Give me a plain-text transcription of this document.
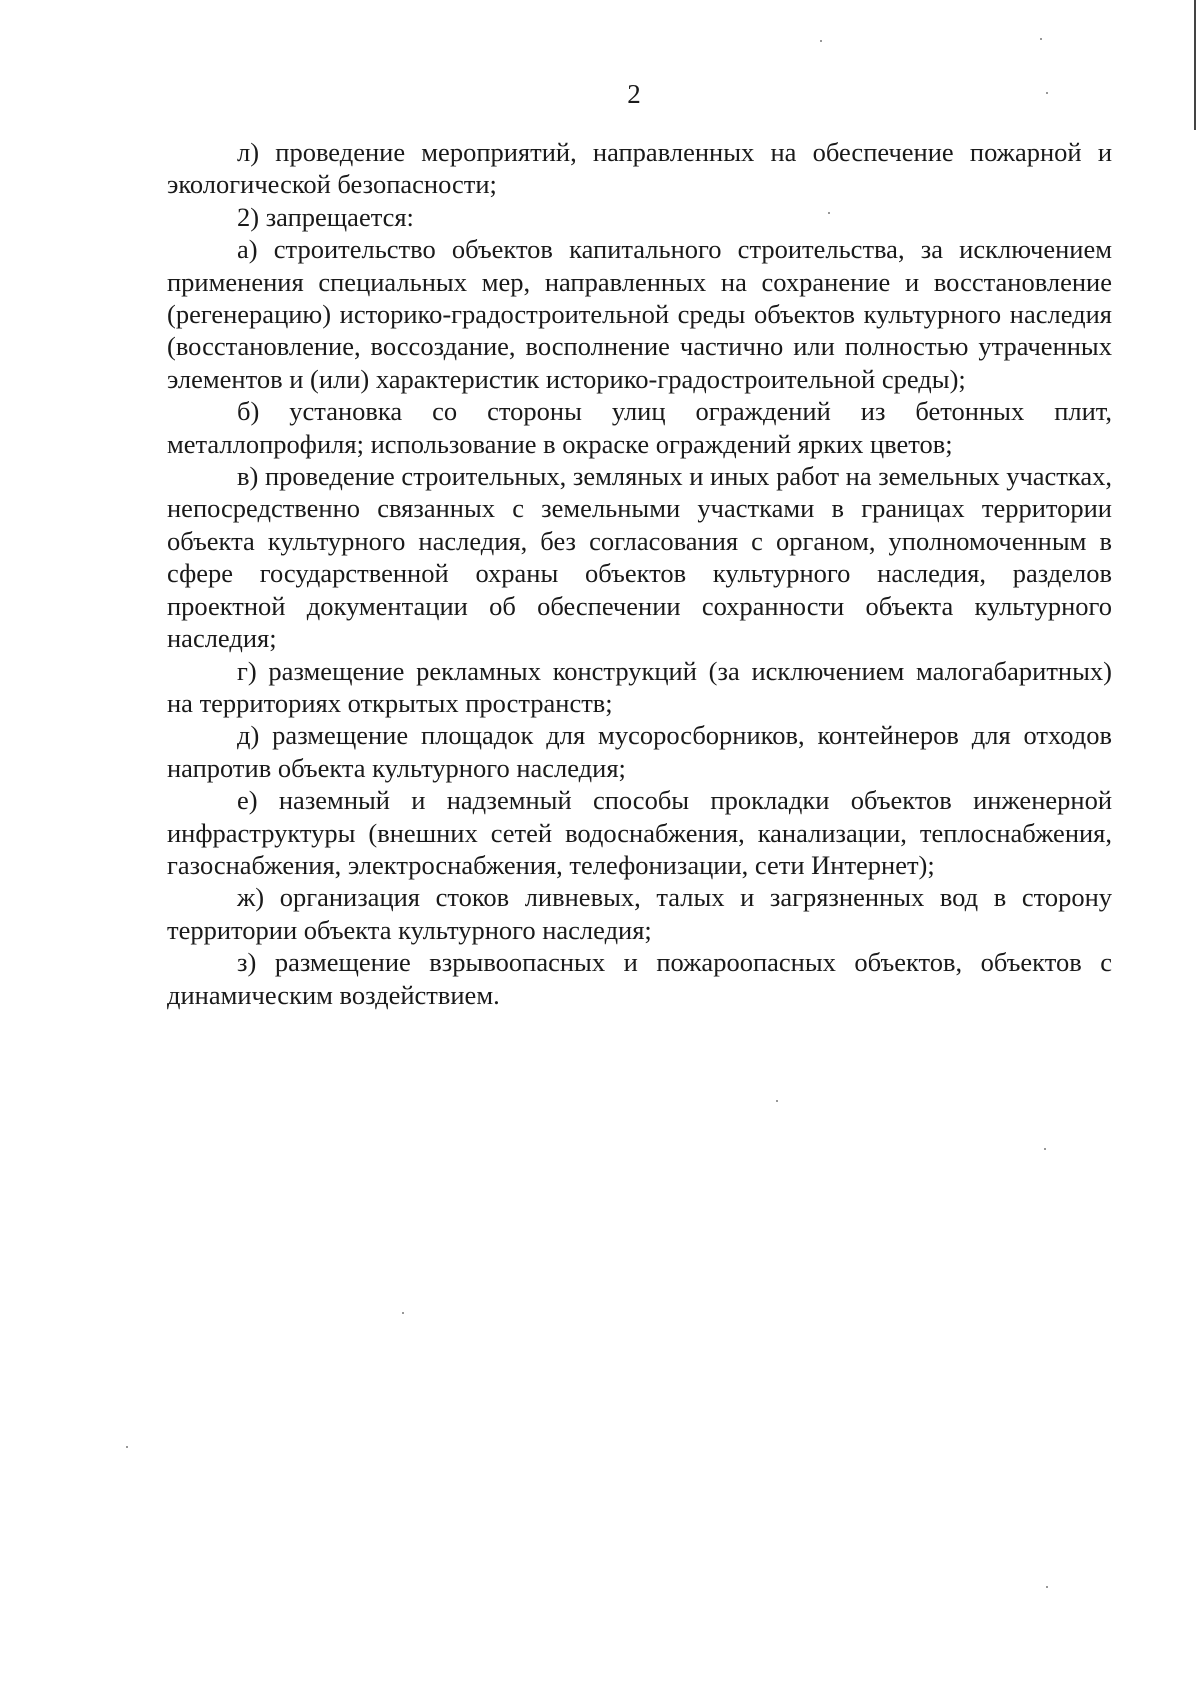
2

л) проведение мероприятий, направленных на обеспечение пожарной и экологической безопасности;

2) запрещается:

а) строительство объектов капитального строительства, за исключением применения специальных мер, направленных на сохранение и восстановление (регенерацию) историко-градостроительной среды объектов культурного наследия (восстановление, воссоздание, восполнение частично или полностью утраченных элементов и (или) характеристик историко-градостроительной среды);

б) установка со стороны улиц ограждений из бетонных плит, металлопрофиля; использование в окраске ограждений ярких цветов;

в) проведение строительных, земляных и иных работ на земельных участках, непосредственно связанных с земельными участками в границах территории объекта культурного наследия, без согласования с органом, уполномоченным в сфере государственной охраны объектов культурного наследия, разделов проектной документации об обеспечении сохранности объекта культурного наследия;

г) размещение рекламных конструкций (за исключением малогабаритных) на территориях открытых пространств;

д) размещение площадок для мусоросборников, контейнеров для отходов напротив объекта культурного наследия;

е) наземный и надземный способы прокладки объектов инженерной инфраструктуры (внешних сетей водоснабжения, канализации, теплоснабжения, газоснабжения, электроснабжения, телефонизации, сети Интернет);

ж) организация стоков ливневых, талых и загрязненных вод в сторону территории объекта культурного наследия;

з) размещение взрывоопасных и пожароопасных объектов, объектов с динамическим воздействием.
